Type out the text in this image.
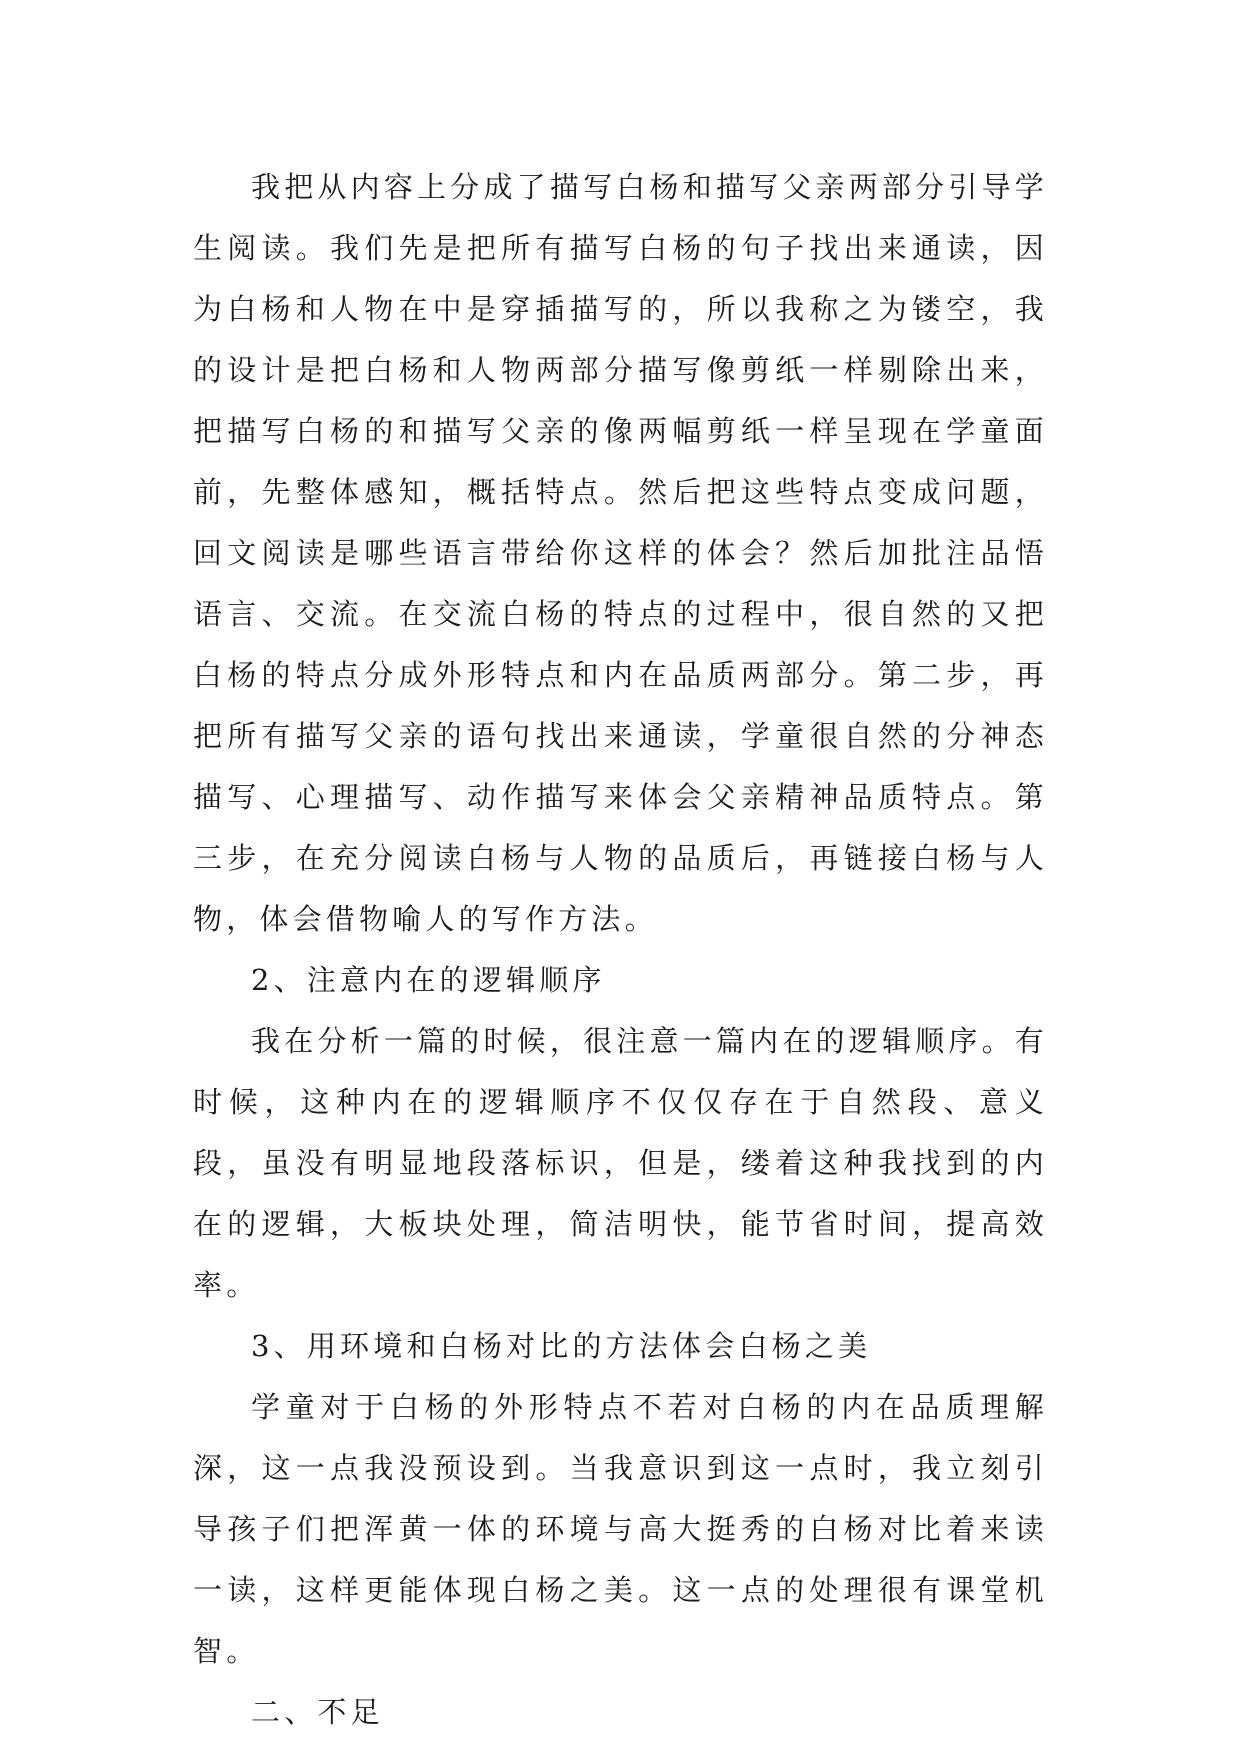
我把从内容上分成了描写白杨和描写父亲两部分引导学生阅读。我们先是把所有描写白杨的句子找出来通读，因为白杨和人物在中是穿插描写的，所以我称之为镂空，我的设计是把白杨和人物两部分描写像剪纸一样剔除出来，把描写白杨的和描写父亲的像两幅剪纸一样呈现在学童面前，先整体感知，概括特点。然后把这些特点变成问题，回文阅读是哪些语言带给你这样的体会？然后加批注品悟语言、交流。在交流白杨的特点的过程中，很自然的又把白杨的特点分成外形特点和内在品质两部分。第二步，再把所有描写父亲的语句找出来通读，学童很自然的分神态描写、心理描写、动作描写来体会父亲精神品质特点。第三步，在充分阅读白杨与人物的品质后，再链接白杨与人物，体会借物喻人的写作方法。

2、注意内在的逻辑顺序

我在分析一篇的时候，很注意一篇内在的逻辑顺序。有时候，这种内在的逻辑顺序不仅仅存在于自然段、意义段，虽没有明显地段落标识，但是，缕着这种我找到的内在的逻辑，大板块处理，简洁明快，能节省时间，提高效率。

3、用环境和白杨对比的方法体会白杨之美

学童对于白杨的外形特点不若对白杨的内在品质理解深，这一点我没预设到。当我意识到这一点时，我立刻引导孩子们把浑黄一体的环境与高大挺秀的白杨对比着来读一读，这样更能体现白杨之美。这一点的处理很有课堂机智。

二、不足
